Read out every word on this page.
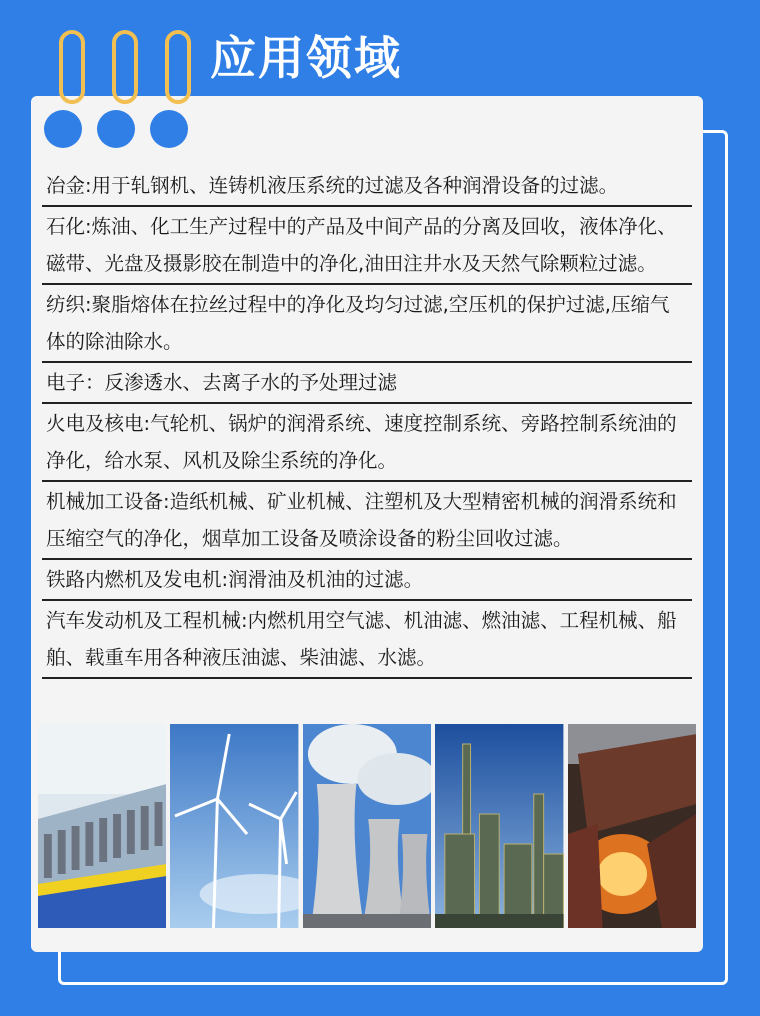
应用领域
冶金:用于轧钢机、连铸机液压系统的过滤及各种润滑设备的过滤。
石化:炼油、化工生产过程中的产品及中间产品的分离及回收，液体净化、磁带、光盘及摄影胶在制造中的净化,油田注井水及天然气除颗粒过滤。
纺织:聚脂熔体在拉丝过程中的净化及均匀过滤,空压机的保护过滤,压缩气体的除油除水。
电子：反渗透水、去离子水的予处理过滤
火电及核电:气轮机、锅炉的润滑系统、速度控制系统、旁路控制系统油的净化，给水泵、风机及除尘系统的净化。
机械加工设备:造纸机械、矿业机械、注塑机及大型精密机械的润滑系统和压缩空气的净化，烟草加工设备及喷涂设备的粉尘回收过滤。
铁路内燃机及发电机:润滑油及机油的过滤。
汽车发动机及工程机械:内燃机用空气滤、机油滤、燃油滤、工程机械、船舶、载重车用各种液压油滤、柴油滤、水滤。
